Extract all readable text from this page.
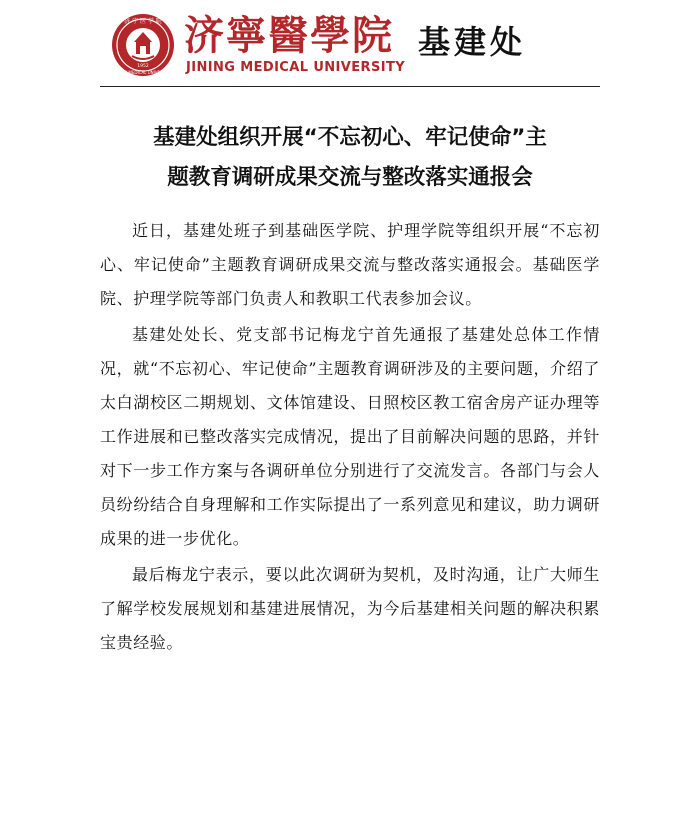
济 宁 医 学 院
JINING MEDICAL UNIVERSITY
1952
济寧醫學院
JINING MEDICAL UNIVERSITY
基建处
基建处组织开展“不忘初心、牢记使命”主
题教育调研成果交流与整改落实通报会

近日，基建处班子到基础医学院、护理学院等组织开展“不忘初心、牢记使命”主题教育调研成果交流与整改落实通报会。基础医学院、护理学院等部门负责人和教职工代表参加会议。

基建处处长、党支部书记梅龙宁首先通报了基建处总体工作情况，就“不忘初心、牢记使命”主题教育调研涉及的主要问题，介绍了太白湖校区二期规划、文体馆建设、日照校区教工宿舍房产证办理等工作进展和已整改落实完成情况，提出了目前解决问题的思路，并针对下一步工作方案与各调研单位分别进行了交流发言。各部门与会人员纷纷结合自身理解和工作实际提出了一系列意见和建议，助力调研成果的进一步优化。

最后梅龙宁表示，要以此次调研为契机，及时沟通，让广大师生了解学校发展规划和基建进展情况，为今后基建相关问题的解决积累宝贵经验。
